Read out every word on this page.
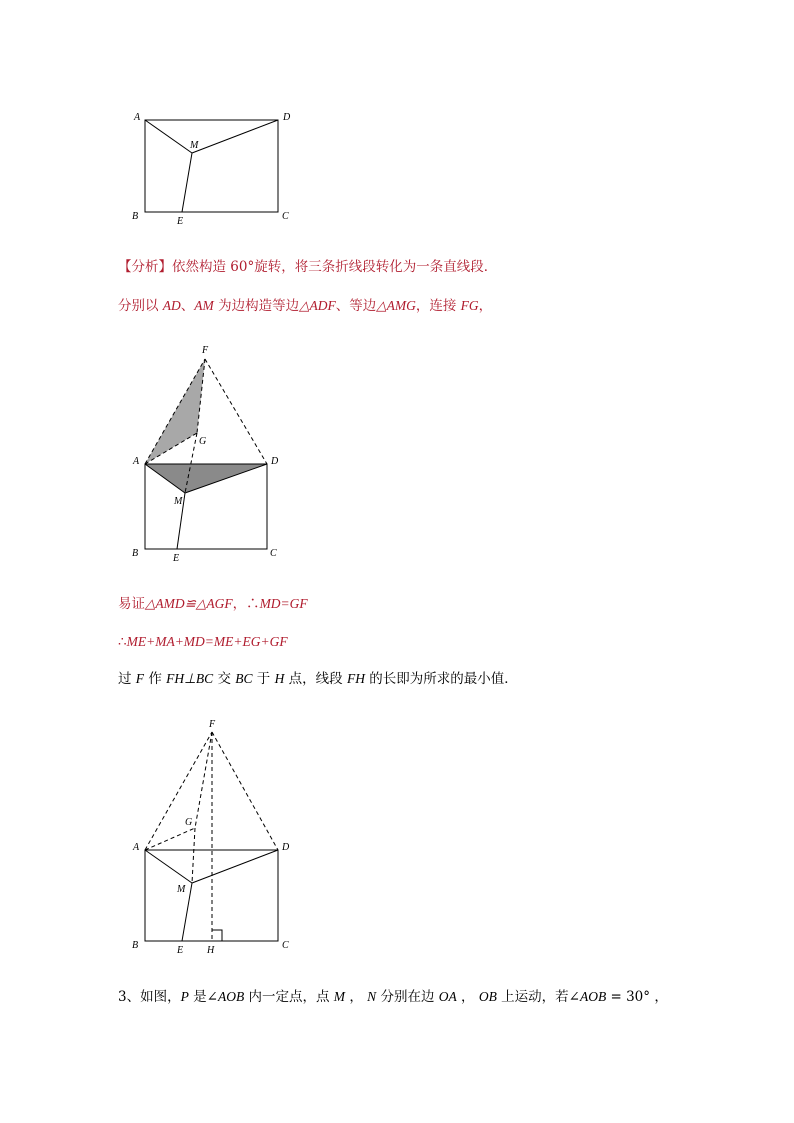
A	D
M
B	E	C
【分析】依然构造 60°旋转，将三条折线段转化为一条直线段．
分别以 AD、AM 为边构造等边△ADF、等边△AMG，连接 FG，
F
G
A	D
M
B	E	C
易证△AMD≌△AGF，∴MD=GF
∴ME+MA+MD=ME+EG+GF
过 F 作 FH⊥BC 交 BC 于 H 点，线段 FH 的长即为所求的最小值．
F
G
A	D
M
B	E H	C
3、如图，P 是∠AOB 内一定点，点 M ， N 分别在边 OA ， OB 上运动，若∠AOB = 30° ，
